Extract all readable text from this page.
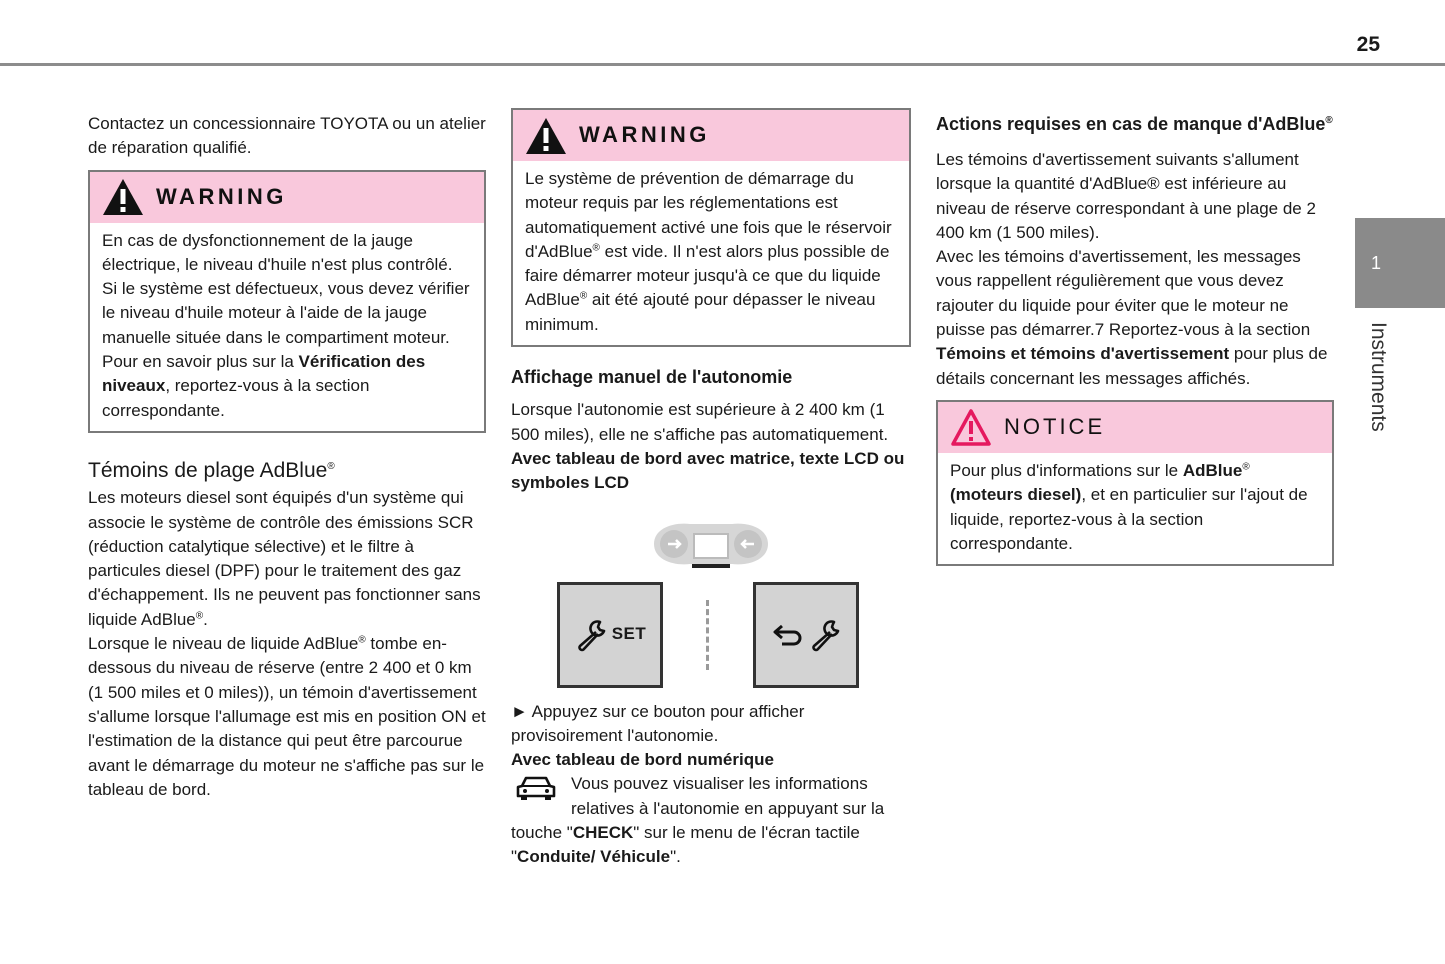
25

Contactez un concessionnaire TOYOTA ou un atelier de réparation qualifié.

WARNING

En cas de dysfonctionnement de la jauge électrique, le niveau d'huile n'est plus contrôlé.

Si le système est défectueux, vous devez vérifier le niveau d'huile moteur à l'aide de la jauge manuelle située dans le compartiment moteur.

Pour en savoir plus sur la Vérification des niveaux, reportez-vous à la section correspondante.

Témoins de plage AdBlue®

Les moteurs diesel sont équipés d'un système qui associe le système de contrôle des émissions SCR (réduction catalytique sélective) et le filtre à particules diesel (DPF) pour le traitement des gaz d'échappement. Ils ne peuvent pas fonctionner sans liquide AdBlue®.

Lorsque le niveau de liquide AdBlue® tombe en-dessous du niveau de réserve (entre 2 400 et 0 km (1 500 miles et 0 miles)), un témoin d'avertissement s'allume lorsque l'allumage est mis en position ON et l'estimation de la distance qui peut être parcourue avant le démarrage du moteur ne s'affiche pas sur le tableau de bord.

WARNING

Le système de prévention de démarrage du moteur requis par les réglementations est automatiquement activé une fois que le réservoir d'AdBlue® est vide. Il n'est alors plus possible de faire démarrer moteur jusqu'à ce que du liquide AdBlue® ait été ajouté pour dépasser le niveau minimum.

Affichage manuel de l'autonomie

Lorsque l'autonomie est supérieure à 2 400 km (1 500 miles), elle ne s'affiche pas automatiquement.

Avec tableau de bord avec matrice, texte LCD ou symboles LCD

SET

► Appuyez sur ce bouton pour afficher provisoirement l'autonomie.

Avec tableau de bord numérique

Vous pouvez visualiser les informations relatives à l'autonomie en appuyant sur la touche "CHECK" sur le menu de l'écran tactile "Conduite/ Véhicule".

Actions requises en cas de manque d'AdBlue®

Les témoins d'avertissement suivants s'allument lorsque la quantité d'AdBlue® est inférieure au niveau de réserve correspondant à une plage de 2 400 km (1 500 miles).

Avec les témoins d'avertissement, les messages vous rappellent régulièrement que vous devez rajouter du liquide pour éviter que le moteur ne puisse pas démarrer.7 Reportez-vous à la section Témoins et témoins d'avertissement pour plus de détails concernant les messages affichés.

NOTICE

Pour plus d'informations sur le AdBlue® (moteurs diesel), et en particulier sur l'ajout de liquide, reportez-vous à la section correspondante.

1
Instruments
